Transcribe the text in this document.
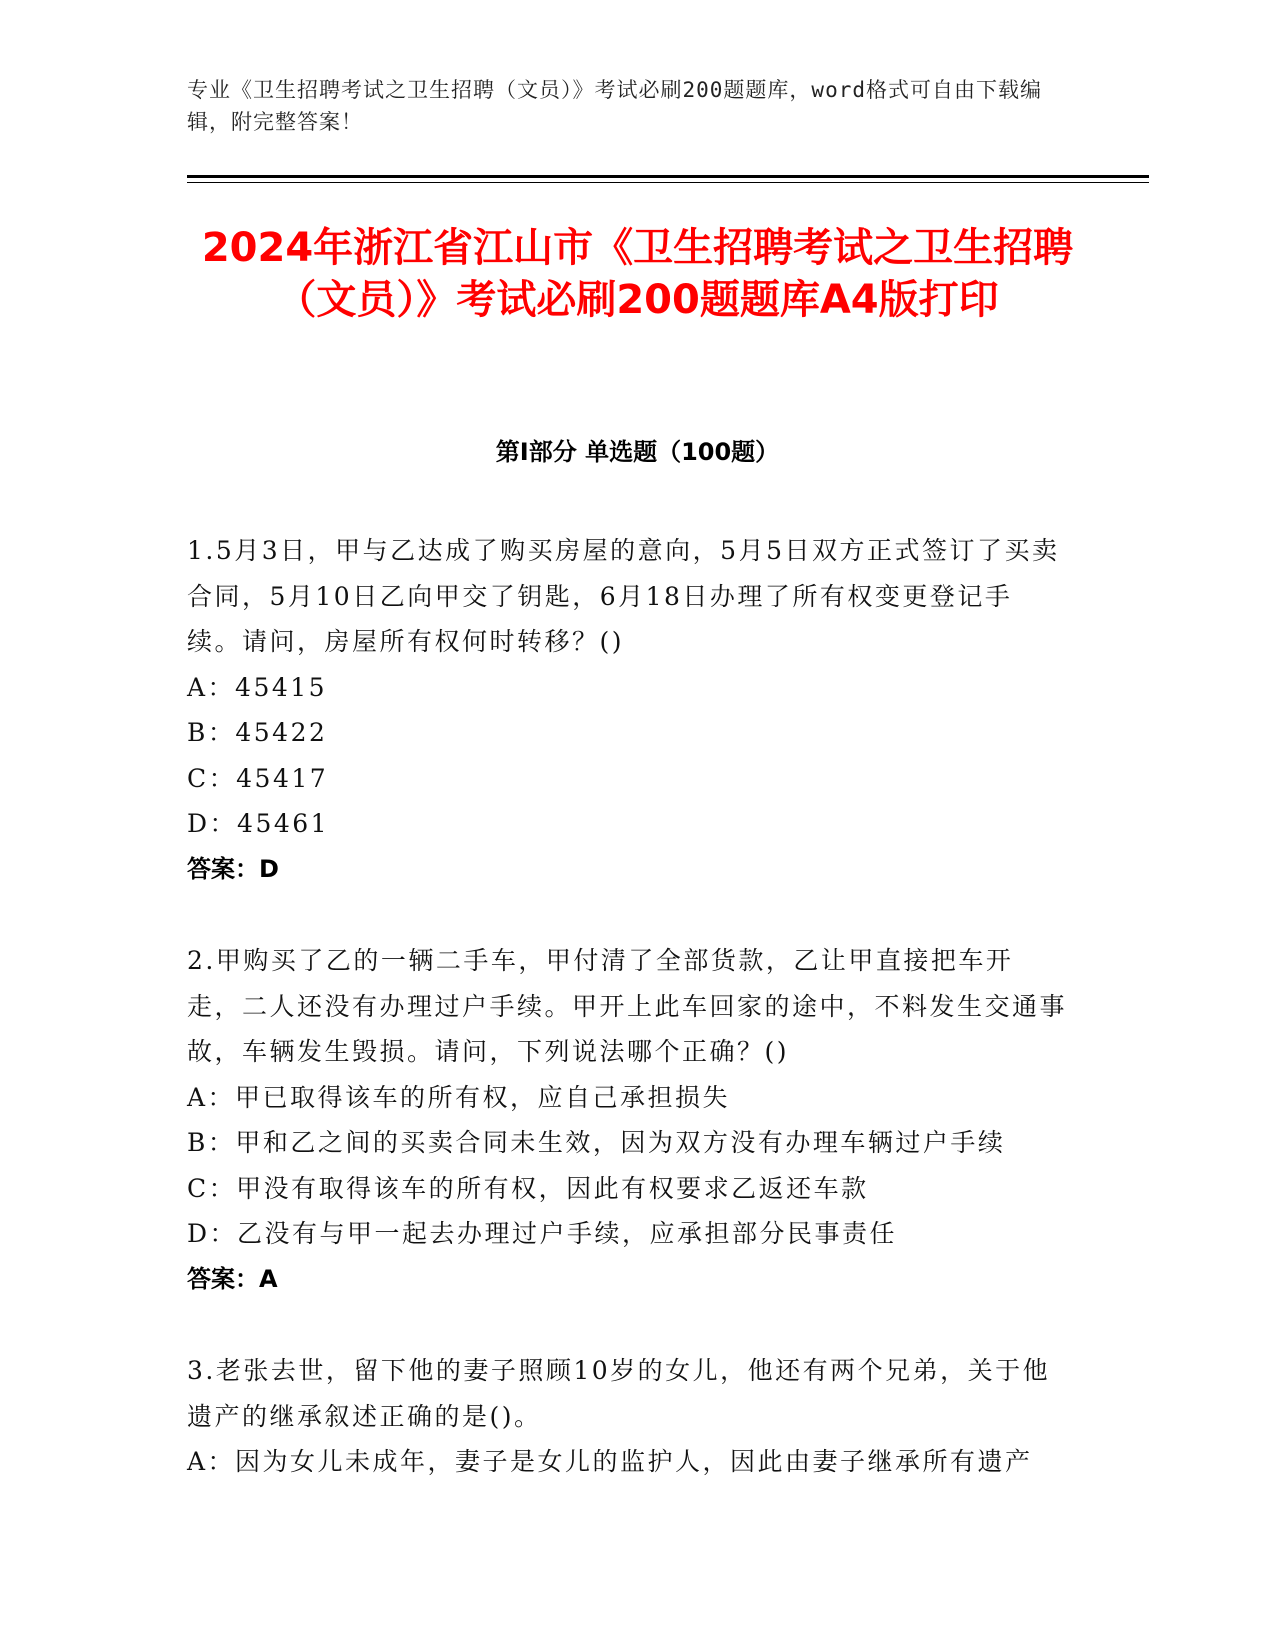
专业《卫生招聘考试之卫生招聘（文员）》考试必刷200题题库，word格式可自由下载编辑，附完整答案！
2024年浙江省江山市《卫生招聘考试之卫生招聘（文员）》考试必刷200题题库A4版打印
第Ⅰ部分 单选题（100题）
1.5月3日，甲与乙达成了购买房屋的意向，5月5日双方正式签订了买卖合同，5月10日乙向甲交了钥匙，6月18日办理了所有权变更登记手续。请问，房屋所有权何时转移？()
A：45415
B：45422
C：45417
D：45461
答案：D
2.甲购买了乙的一辆二手车，甲付清了全部货款，乙让甲直接把车开走，二人还没有办理过户手续。甲开上此车回家的途中，不料发生交通事故，车辆发生毁损。请问，下列说法哪个正确？()
A：甲已取得该车的所有权，应自己承担损失
B：甲和乙之间的买卖合同未生效，因为双方没有办理车辆过户手续
C：甲没有取得该车的所有权，因此有权要求乙返还车款
D：乙没有与甲一起去办理过户手续，应承担部分民事责任
答案：A
3.老张去世，留下他的妻子照顾10岁的女儿，他还有两个兄弟，关于他遗产的继承叙述正确的是()。
A：因为女儿未成年，妻子是女儿的监护人，因此由妻子继承所有遗产
